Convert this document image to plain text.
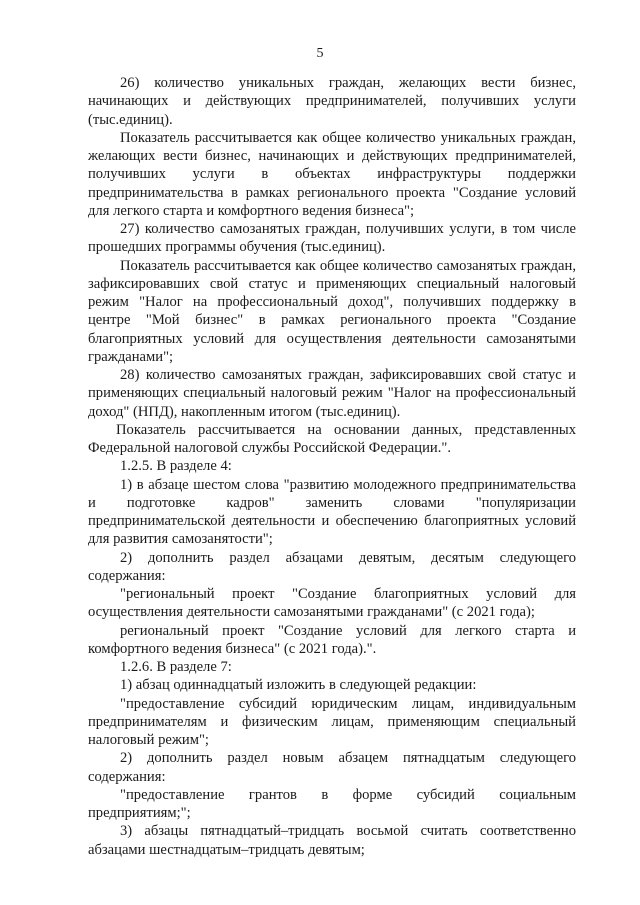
5

26) количество уникальных граждан, желающих вести бизнес, начинающих и действующих предпринимателей, получивших услуги (тыс.единиц).

Показатель рассчитывается как общее количество уникальных граждан, желающих вести бизнес, начинающих и действующих предпринимателей, получивших услуги в объектах инфраструктуры поддержки предпринимательства в рамках регионального проекта "Создание условий для легкого старта и комфортного ведения бизнеса";

27) количество самозанятых граждан, получивших услуги, в том числе прошедших программы обучения (тыс.единиц).

Показатель рассчитывается как общее количество самозанятых граждан, зафиксировавших свой статус и применяющих специальный налоговый режим "Налог на профессиональный доход", получивших поддержку в центре "Мой бизнес" в рамках регионального проекта "Создание благоприятных условий для осуществления деятельности самозанятыми гражданами";

28) количество самозанятых граждан, зафиксировавших свой статус и применяющих специальный налоговый режим "Налог на профессиональный доход" (НПД), накопленным итогом (тыс.единиц).

Показатель рассчитывается на основании данных, представленных Федеральной налоговой службы Российской Федерации.".

1.2.5. В разделе 4:

1) в абзаце шестом слова "развитию молодежного предпринимательства и подготовке кадров" заменить словами "популяризации предпринимательской деятельности и обеспечению благоприятных условий для развития самозанятости";

2) дополнить раздел абзацами девятым, десятым следующего содержания:

"региональный проект "Создание благоприятных условий для осуществления деятельности самозанятыми гражданами" (с 2021 года);

региональный проект "Создание условий для легкого старта и комфортного ведения бизнеса" (с 2021 года).".

1.2.6. В разделе 7:

1) абзац одиннадцатый изложить в следующей редакции:

"предоставление субсидий юридическим лицам, индивидуальным предпринимателям и физическим лицам, применяющим специальный налоговый режим";

2) дополнить раздел новым абзацем пятнадцатым следующего содержания:

"предоставление грантов в форме субсидий социальным предприятиям;";

3) абзацы пятнадцатый–тридцать восьмой считать соответственно абзацами шестнадцатым–тридцать девятым;
